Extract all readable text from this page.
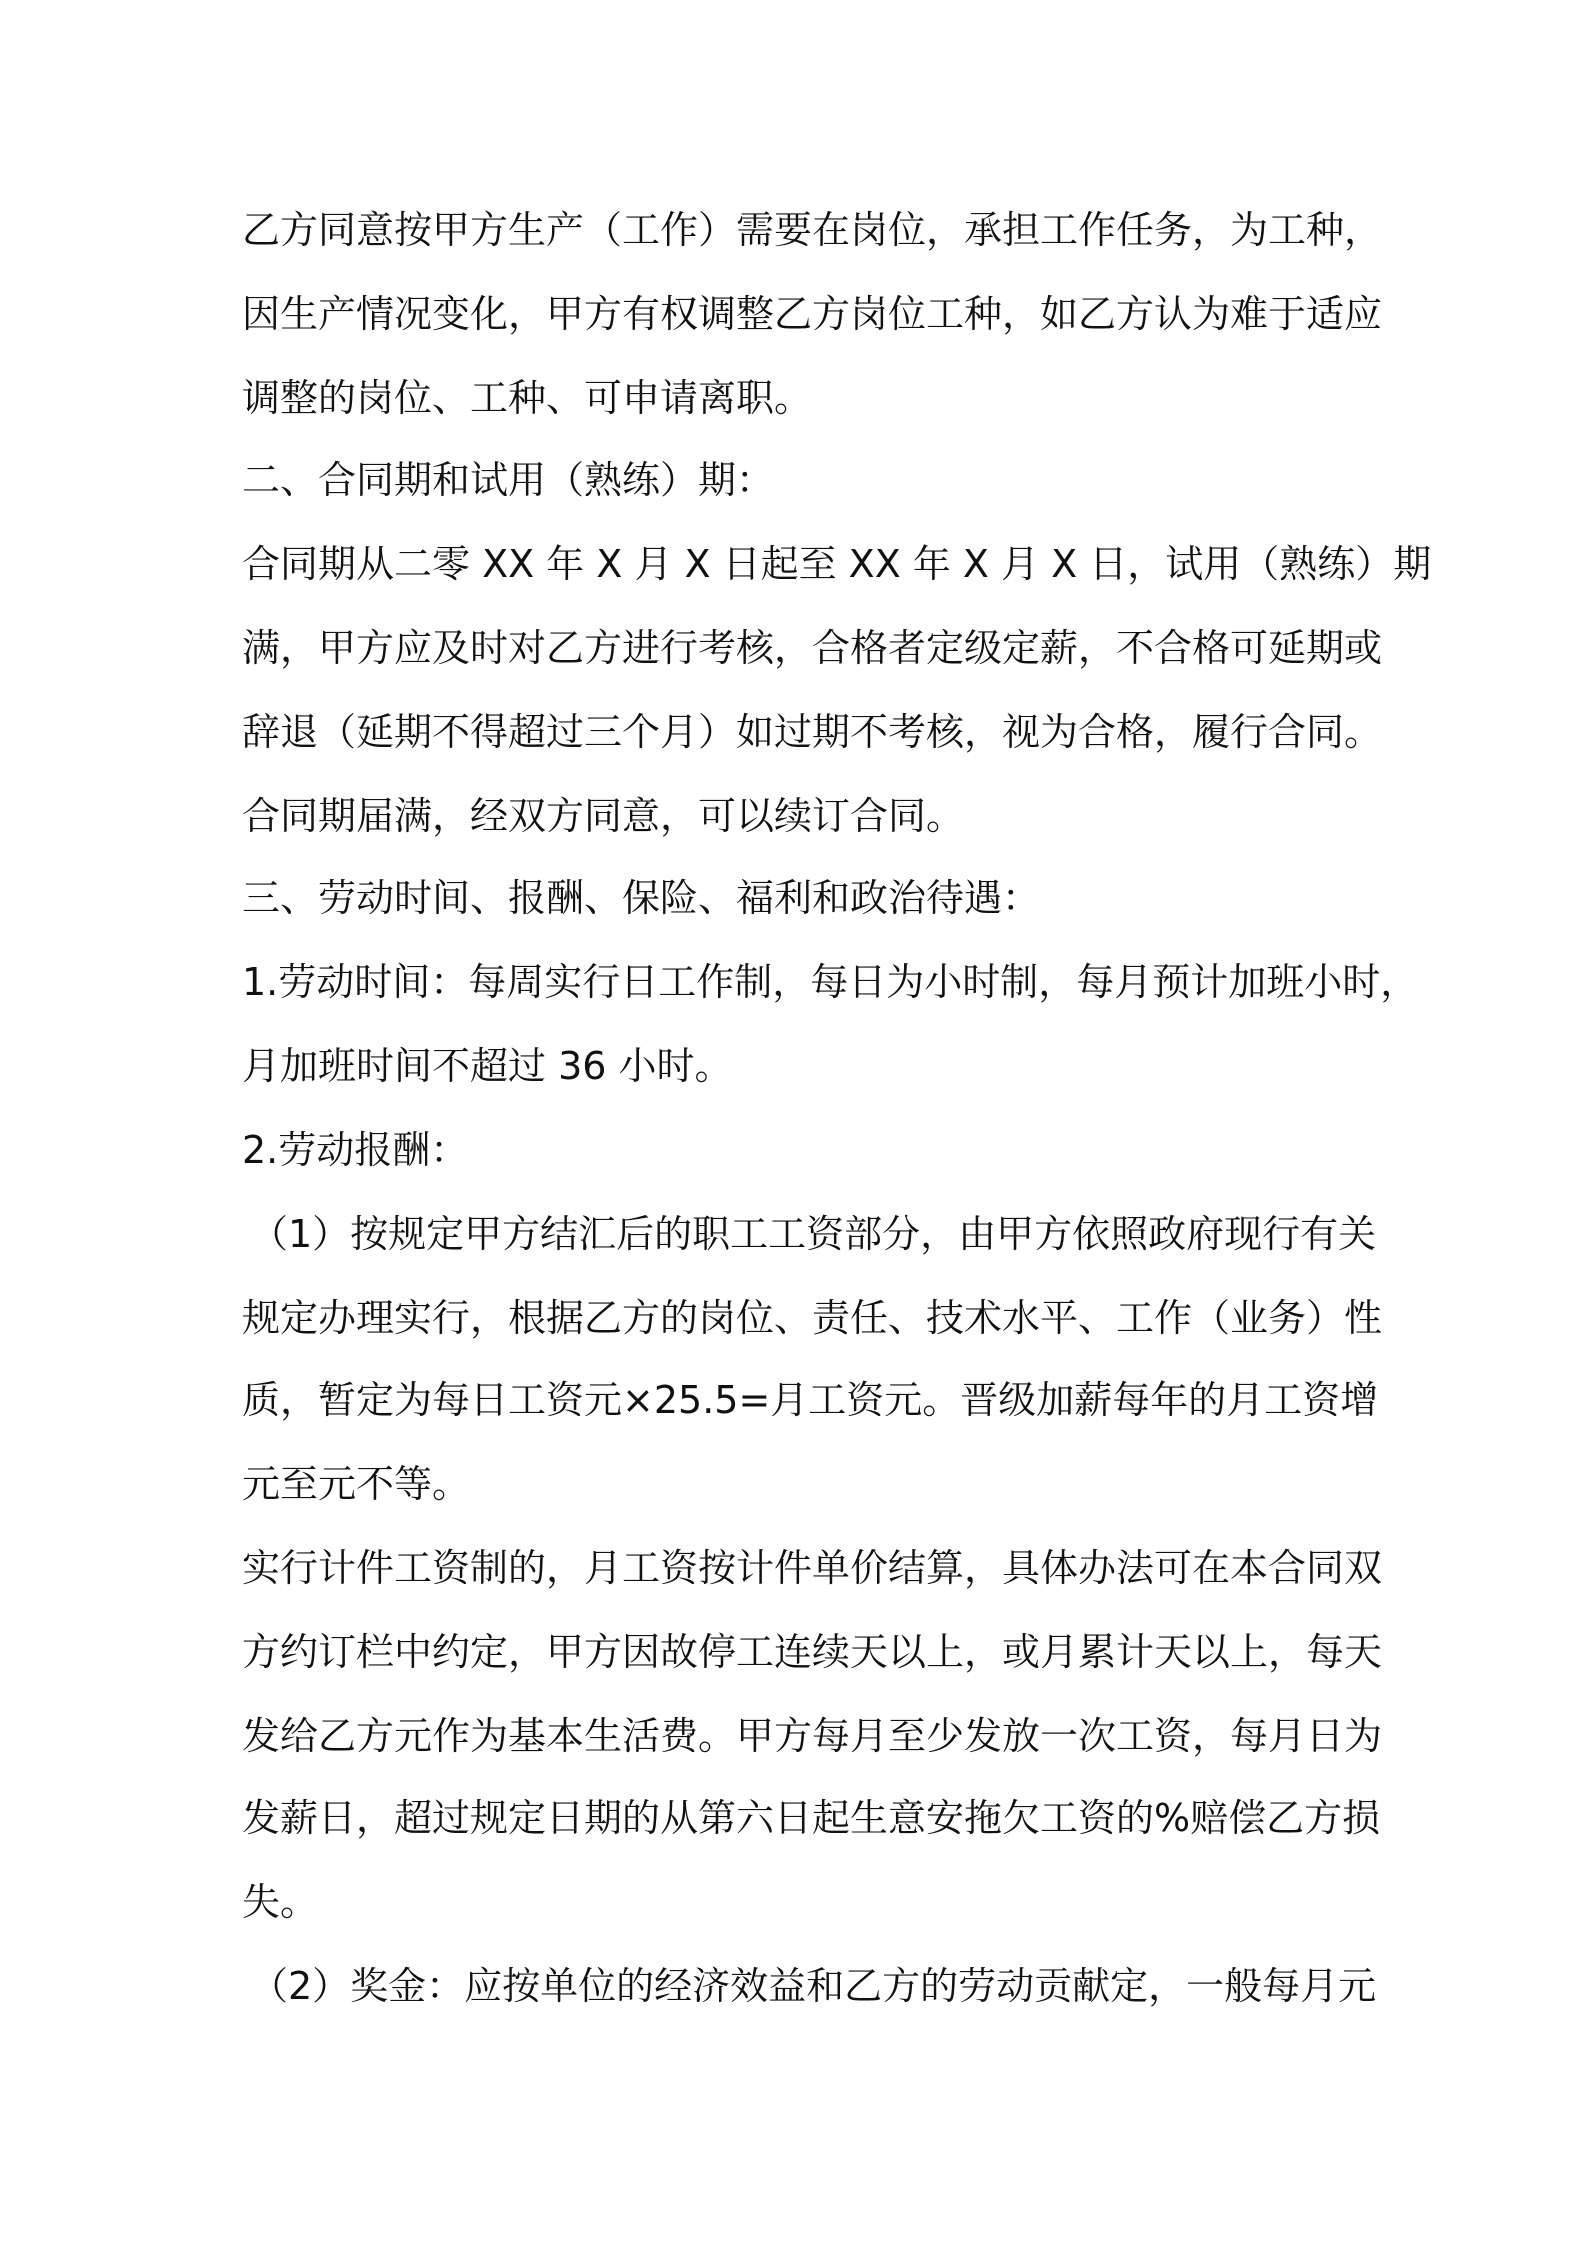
乙方同意按甲方生产（工作）需要在岗位，承担工作任务，为工种，
因生产情况变化，甲方有权调整乙方岗位工种，如乙方认为难于适应
调整的岗位、工种、可申请离职。
二、合同期和试用（熟练）期：
合同期从二零 XX 年 X 月 X 日起至 XX 年 X 月 X 日，试用（熟练）期
满，甲方应及时对乙方进行考核，合格者定级定薪，不合格可延期或
辞退（延期不得超过三个月）如过期不考核，视为合格，履行合同。
合同期届满，经双方同意，可以续订合同。
三、劳动时间、报酬、保险、福利和政治待遇：
1.劳动时间：每周实行日工作制，每日为小时制，每月预计加班小时，
月加班时间不超过 36 小时。
2.劳动报酬：
（1）按规定甲方结汇后的职工工资部分，由甲方依照政府现行有关
规定办理实行，根据乙方的岗位、责任、技术水平、工作（业务）性
质，暂定为每日工资元×25.5=月工资元。晋级加薪每年的月工资增
元至元不等。
实行计件工资制的，月工资按计件单价结算，具体办法可在本合同双
方约订栏中约定，甲方因故停工连续天以上，或月累计天以上，每天
发给乙方元作为基本生活费。甲方每月至少发放一次工资，每月日为
发薪日，超过规定日期的从第六日起生意安拖欠工资的%赔偿乙方损
失。
（2）奖金：应按单位的经济效益和乙方的劳动贡献定，一般每月元
